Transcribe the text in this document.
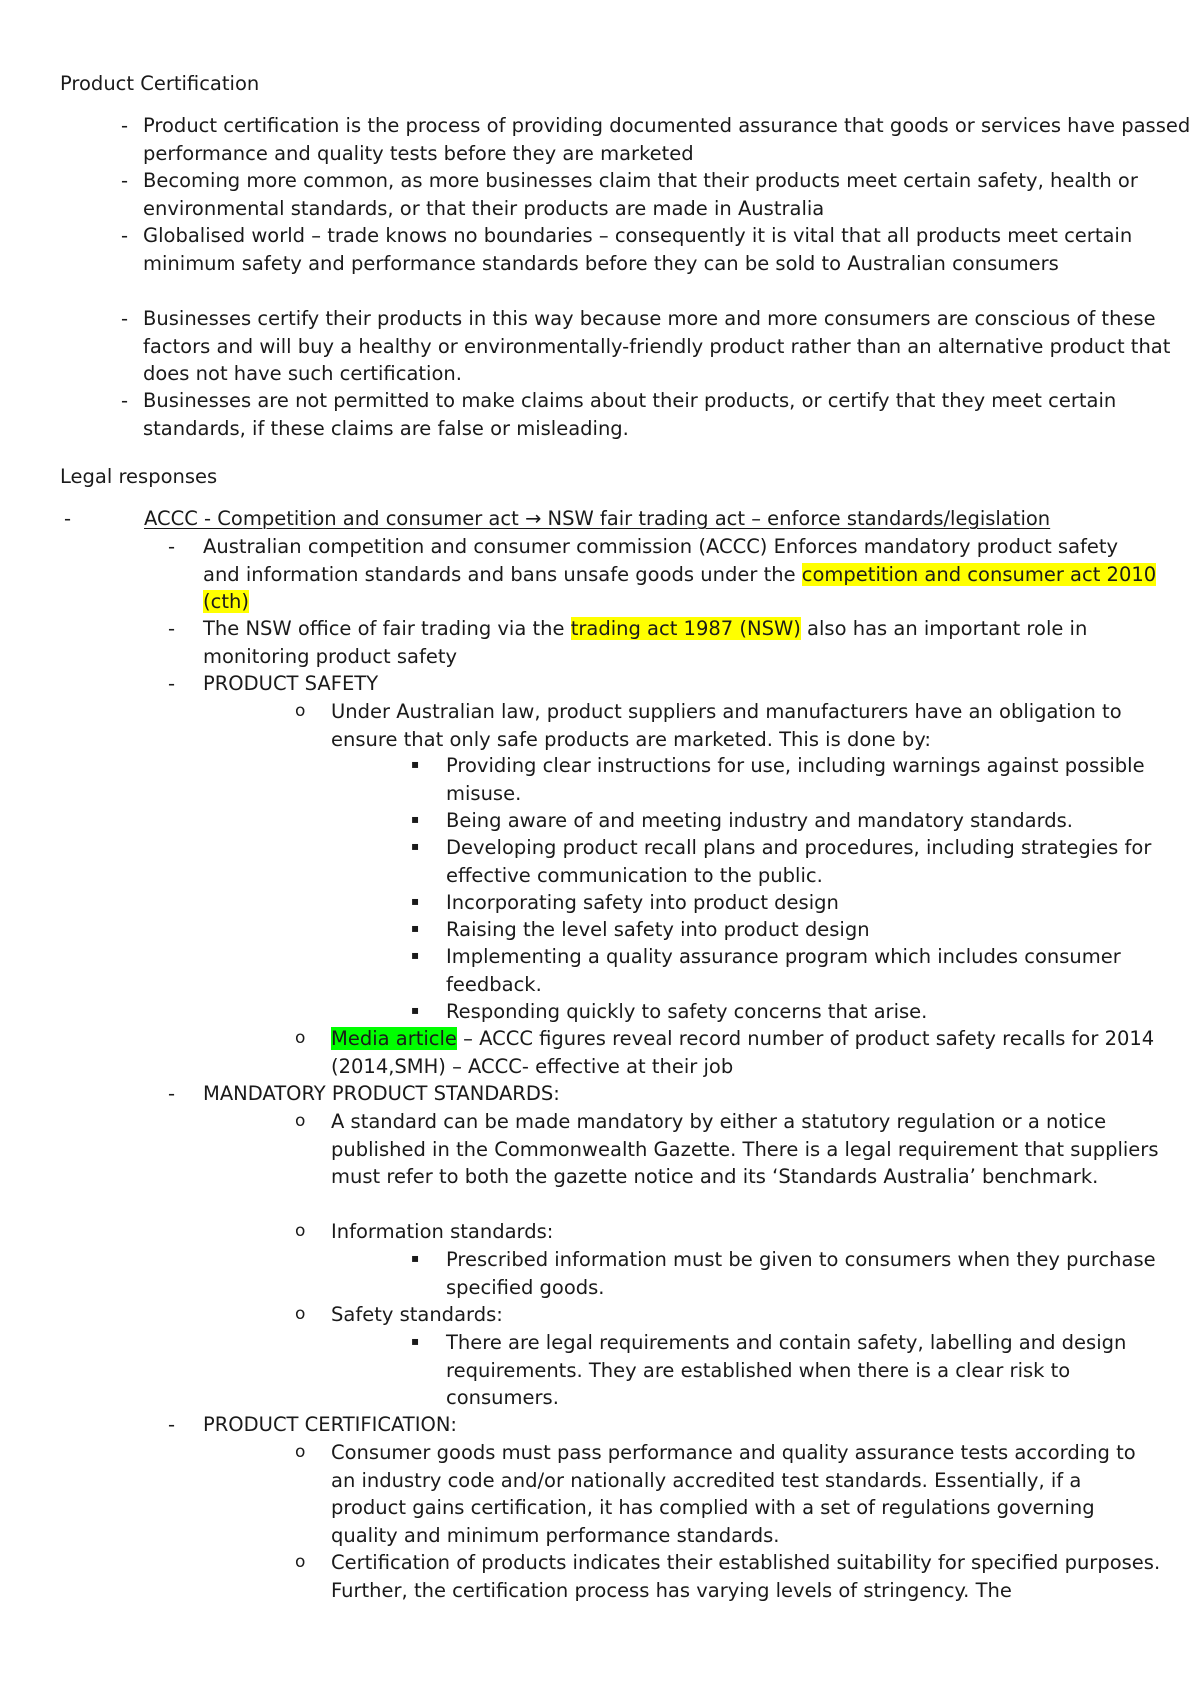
Product Certification
- Product certification is the process of providing documented assurance that goods or services have passed performance and quality tests before they are marketed
- Becoming more common, as more businesses claim that their products meet certain safety, health or environmental standards, or that their products are made in Australia
- Globalised world – trade knows no boundaries – consequently it is vital that all products meet certain minimum safety and performance standards before they can be sold to Australian consumers
- Businesses certify their products in this way because more and more consumers are conscious of these factors and will buy a healthy or environmentally-friendly product rather than an alternative product that does not have such certification.
- Businesses are not permitted to make claims about their products, or certify that they meet certain standards, if these claims are false or misleading.
Legal responses
-	ACCC - Competition and consumer act → NSW fair trading act – enforce standards/legislation
- Australian competition and consumer commission (ACCC) Enforces mandatory product safety and information standards and bans unsafe goods under the competition and consumer act 2010 (cth)
- The NSW office of fair trading via the trading act 1987 (NSW) also has an important role in monitoring product safety
- PRODUCT SAFETY
o Under Australian law, product suppliers and manufacturers have an obligation to ensure that only safe products are marketed. This is done by:
▪ Providing clear instructions for use, including warnings against possible misuse.
▪ Being aware of and meeting industry and mandatory standards.
▪ Developing product recall plans and procedures, including strategies for effective communication to the public.
▪ Incorporating safety into product design
▪ Raising the level safety into product design
▪ Implementing a quality assurance program which includes consumer feedback.
▪ Responding quickly to safety concerns that arise.
o Media article – ACCC figures reveal record number of product safety recalls for 2014 (2014,SMH) – ACCC- effective at their job
- MANDATORY PRODUCT STANDARDS:
o A standard can be made mandatory by either a statutory regulation or a notice published in the Commonwealth Gazette. There is a legal requirement that suppliers must refer to both the gazette notice and its ‘Standards Australia’ benchmark.
o Information standards:
▪ Prescribed information must be given to consumers when they purchase specified goods.
o Safety standards:
▪ There are legal requirements and contain safety, labelling and design requirements. They are established when there is a clear risk to consumers.
- PRODUCT CERTIFICATION:
o Consumer goods must pass performance and quality assurance tests according to an industry code and/or nationally accredited test standards. Essentially, if a product gains certification, it has complied with a set of regulations governing quality and minimum performance standards.
o Certification of products indicates their established suitability for specified purposes. Further, the certification process has varying levels of stringency. The
